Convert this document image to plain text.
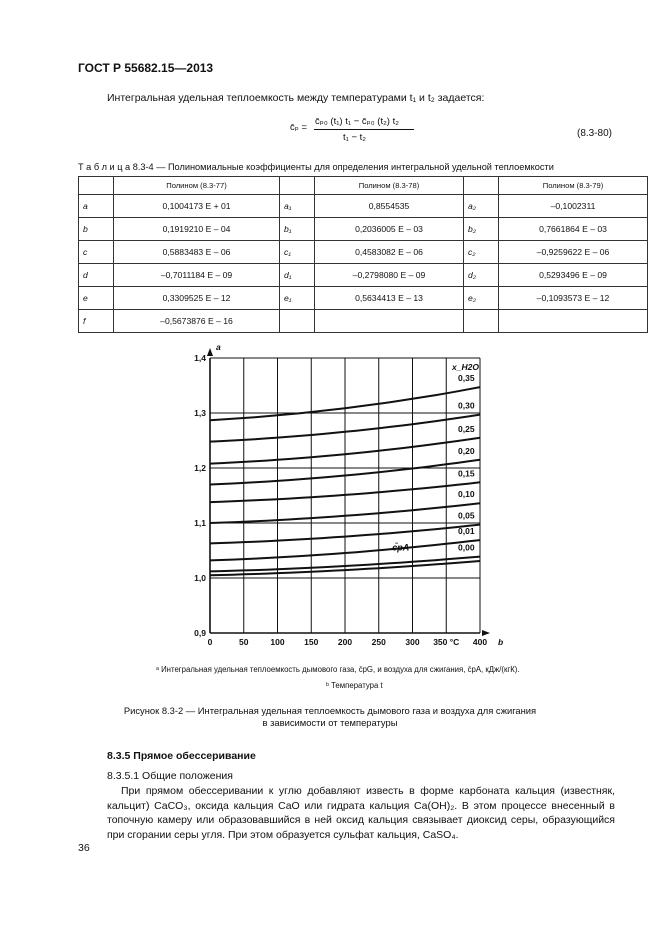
ГОСТ Р 55682.15—2013
Интегральная удельная теплоемкость между температурами t₁ и t₂ задается:
c̄ₚ =
c̄ₚ₀ (t₁) t₁ − c̄ₚ₀ (t₂) t₂
t₁ − t₂	(8.3-80)
Т а б л и ц а 8.3-4 — Полиномиальные коэффициенты для определения интегральной удельной теплоемкости
	Полином (8.3-77)		Полином (8.3-78)		Полином (8.3-79)
a	0,1004173 E + 01	a₁	0,8554535	a₂	–0,1002311
b	0,1919210 E – 04	b₁	0,2036005 E – 03	b₂	0,7661864 E – 03
c	0,5883483 E – 06	c₁	0,4583082 E – 06	c₂	–0,9259622 E – 06
d	–0,7011184 E – 09	d₁	–0,2798080 E – 09	d₂	0,5293496 E – 09
e	0,3309525 E – 12	e₁	0,5634413 E – 13	e₂	–0,1093573 E – 12
f	–0,5673876 E – 16				
0	50	100 150 200 250 300 350 °C 400
0,9
1,0
1,1
1,2
1,3
1,4
b
a
x_H2O
0,35
0,30
0,25
0,20
0,15
0,10
0,05
0,01
0,00
c̄pA
ᵃ Интегральная удельная теплоемкость дымового газа, c̄pG, и воздуха для сжигания, c̄pA, кДж/(кгК).
ᵇ Температура t
Рисунок 8.3-2 — Интегральная удельная теплоемкость дымового газа и воздуха для сжигания
в зависимости от температуры
8.3.5 Прямое обессеривание
8.3.5.1 Общие положения

При прямом обессеривании к углю добавляют известь в форме карбоната кальция (известняк, кальцит) CaCO₃, оксида кальция CaO или гидрата кальция Ca(OH)₂. В этом процессе внесенный в топочную камеру или образовавшийся в ней оксид кальция связывает диоксид серы, образующийся при сгорании серы угля. При этом образуется сульфат кальция, CaSO₄.

36
